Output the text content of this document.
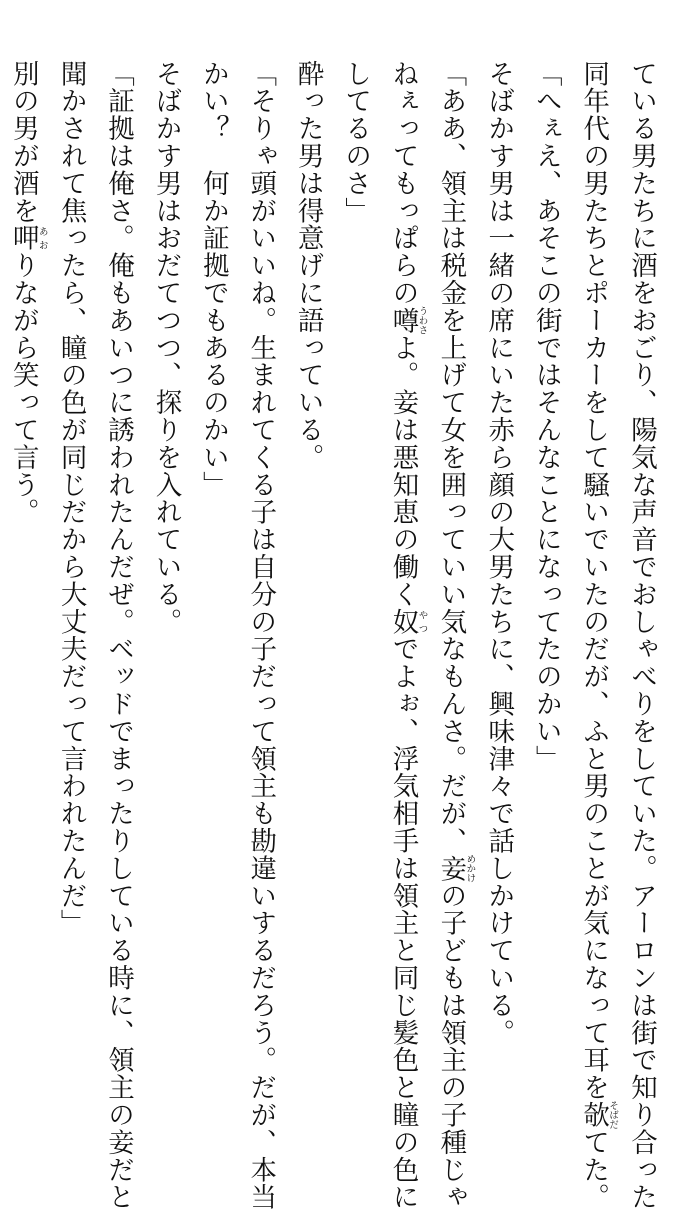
ている男たちに酒をおごり、陽気な声音でおしゃべりをしていた。アーロンは街で知り合った
同年代の男たちとポーカーをして騒いでいたのだが、ふと男のことが気になって耳を欹そばだてた。
「へぇえ、あそこの街ではそんなことになってたのかい」
そばかす男は一緒の席にいた赤ら顔の大男たちに、興味津々で話しかけている。
「ああ、領主は税金を上げて女を囲っていい気なもんさ。だが、妾めかけの子どもは領主の子種じゃ
ねぇってもっぱらの噂うわさよ。妾は悪知恵の働く奴やつでよぉ、浮気相手は領主と同じ髪色と瞳の色に
してるのさ」
酔った男は得意げに語っている。
「そりゃ頭がいいね。生まれてくる子は自分の子だって領主も勘違いするだろう。だが、本当
かい？　何か証拠でもあるのかい」
そばかす男はおだてつつ、探りを入れている。
「証拠は俺さ。俺もあいつに誘われたんだぜ。ベッドでまったりしている時に、領主の妾だと
聞かされて焦ったら、瞳の色が同じだから大丈夫だって言われたんだ」
別の男が酒を呷あおりながら笑って言う。
